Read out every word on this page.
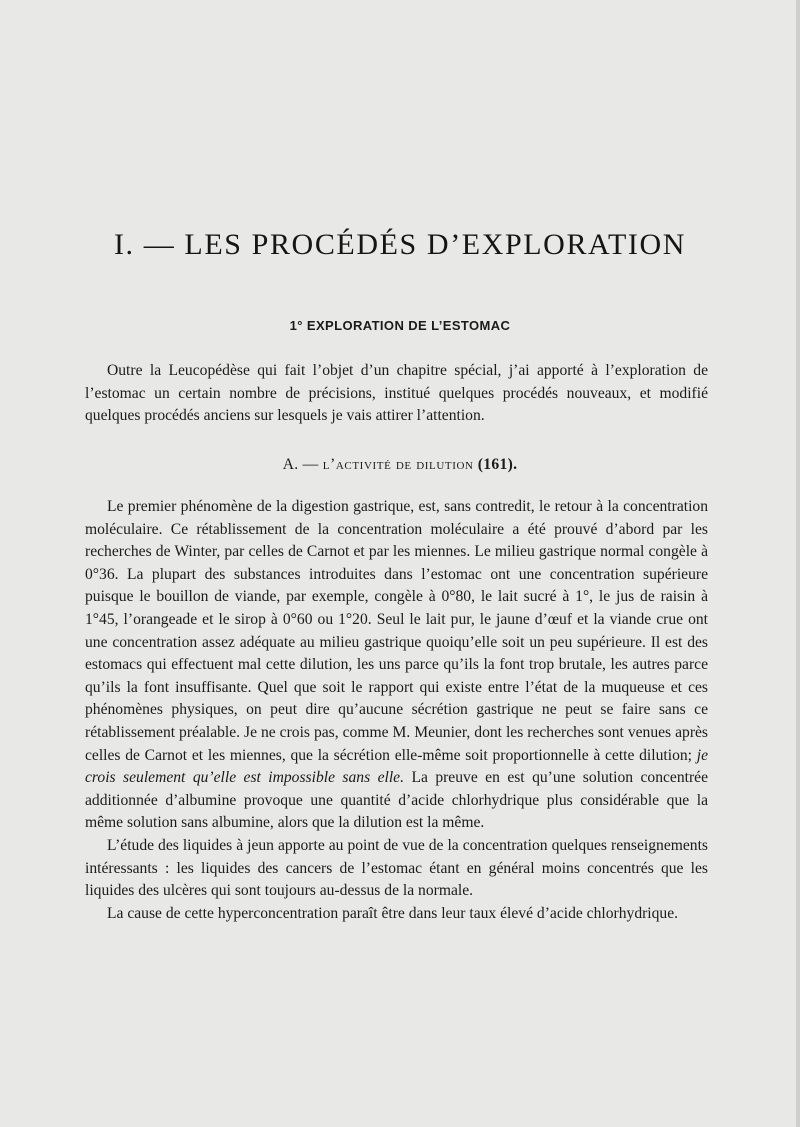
I. — LES PROCÉDÉS D’EXPLORATION
1° EXPLORATION DE L’ESTOMAC

Outre la Leucopédèse qui fait l’objet d’un chapitre spécial, j’ai apporté à l’exploration de l’estomac un certain nombre de précisions, institué quelques procédés nouveaux, et modifié quelques procédés anciens sur lesquels je vais attirer l’attention.

A. — l’activité de dilution (161).

Le premier phénomène de la digestion gastrique, est, sans contredit, le retour à la concentration moléculaire. Ce rétablissement de la concentration moléculaire a été prouvé d’abord par les recherches de Winter, par celles de Carnot et par les miennes. Le milieu gastrique normal congèle à 0°36. La plupart des substances introduites dans l’estomac ont une concentration supérieure puisque le bouillon de viande, par exemple, congèle à 0°80, le lait sucré à 1°, le jus de raisin à 1°45, l’orangeade et le sirop à 0°60 ou 1°20. Seul le lait pur, le jaune d’œuf et la viande crue ont une concentration assez adéquate au milieu gastrique quoiqu’elle soit un peu supérieure. Il est des estomacs qui effectuent mal cette dilution, les uns parce qu’ils la font trop brutale, les autres parce qu’ils la font insuffisante. Quel que soit le rapport qui existe entre l’état de la muqueuse et ces phénomènes physiques, on peut dire qu’aucune sécrétion gastrique ne peut se faire sans ce rétablissement préalable. Je ne crois pas, comme M. Meunier, dont les recherches sont venues après celles de Carnot et les miennes, que la sécrétion elle-même soit proportionnelle à cette dilution; je crois seulement qu’elle est impossible sans elle. La preuve en est qu’une solution concentrée additionnée d’albumine provoque une quantité d’acide chlorhydrique plus considérable que la même solution sans albumine, alors que la dilution est la même.

L’étude des liquides à jeun apporte au point de vue de la concentration quelques renseignements intéressants : les liquides des cancers de l’estomac étant en général moins concentrés que les liquides des ulcères qui sont toujours au-dessus de la normale.

La cause de cette hyperconcentration paraît être dans leur taux élevé d’acide chlorhydrique.
